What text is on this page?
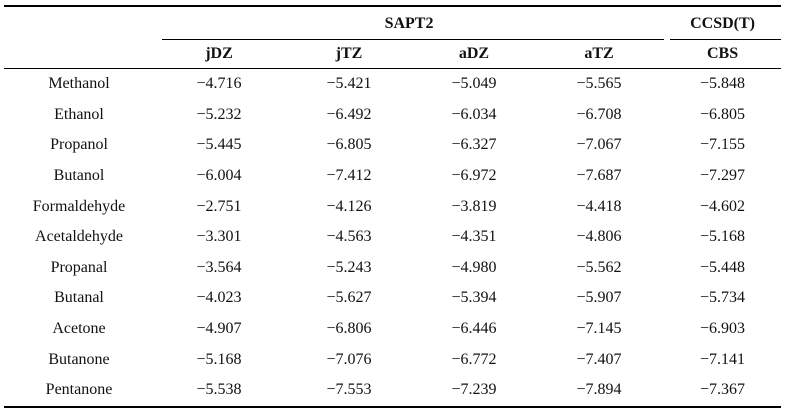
	SAPT2				CCSD(T)

	jDZ	jTZ	aDZ	aTZ	CBS
Methanol	−4.716	−5.421	−5.049	−5.565	−5.848
Ethanol	−5.232	−6.492	−6.034	−6.708	−6.805
Propanol	−5.445	−6.805	−6.327	−7.067	−7.155
Butanol	−6.004	−7.412	−6.972	−7.687	−7.297
Formaldehyde	−2.751	−4.126	−3.819	−4.418	−4.602
Acetaldehyde	−3.301	−4.563	−4.351	−4.806	−5.168
Propanal	−3.564	−5.243	−4.980	−5.562	−5.448
Butanal	−4.023	−5.627	−5.394	−5.907	−5.734
Acetone	−4.907	−6.806	−6.446	−7.145	−6.903
Butanone	−5.168	−7.076	−6.772	−7.407	−7.141
Pentanone	−5.538	−7.553	−7.239	−7.894	−7.367
